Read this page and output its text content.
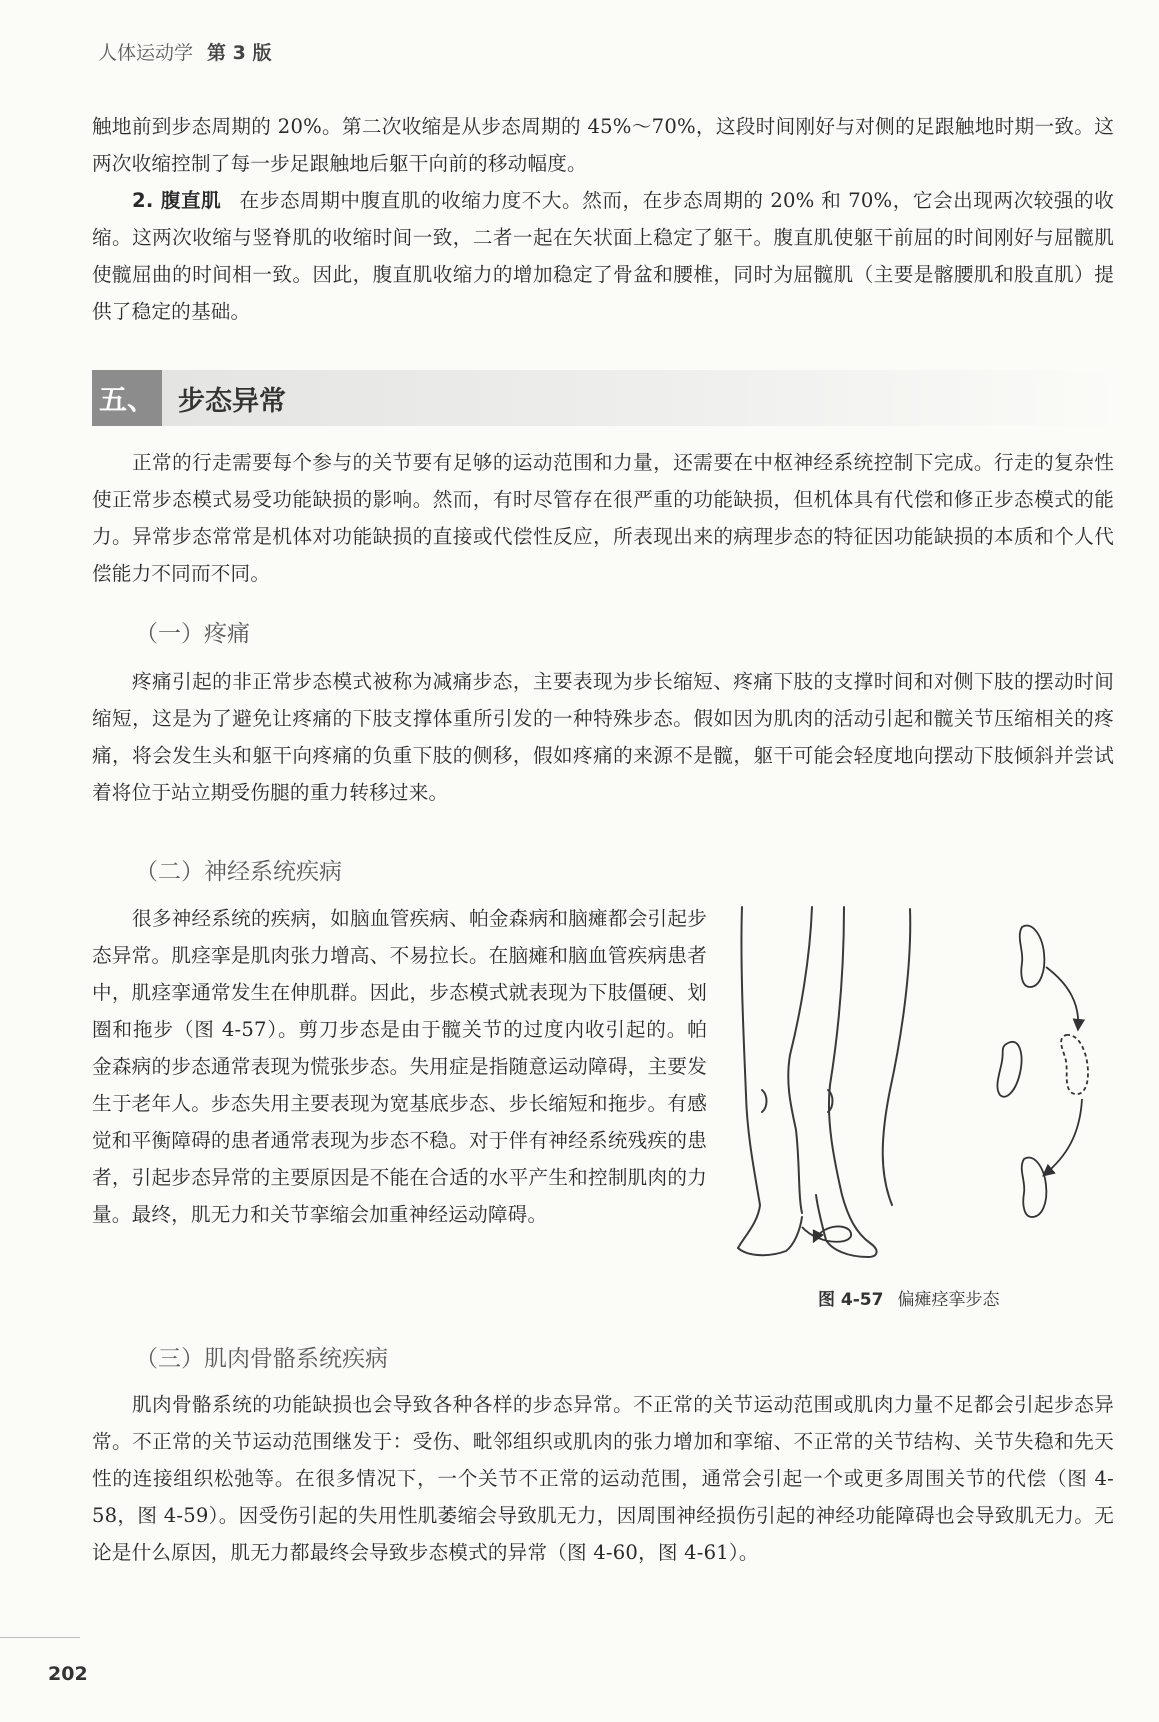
人体运动学 第 3 版
触地前到步态周期的 20%。第二次收缩是从步态周期的 45%～70%，这段时间刚好与对侧的足跟触地时期一致。这两次收缩控制了每一步足跟触地后躯干向前的移动幅度。
2. 腹直肌 在步态周期中腹直肌的收缩力度不大。然而，在步态周期的 20% 和 70%，它会出现两次较强的收缩。这两次收缩与竖脊肌的收缩时间一致，二者一起在矢状面上稳定了躯干。腹直肌使躯干前屈的时间刚好与屈髋肌使髋屈曲的时间相一致。因此，腹直肌收缩力的增加稳定了骨盆和腰椎，同时为屈髋肌（主要是髂腰肌和股直肌）提供了稳定的基础。
五、 步态异常
正常的行走需要每个参与的关节要有足够的运动范围和力量，还需要在中枢神经系统控制下完成。行走的复杂性使正常步态模式易受功能缺损的影响。然而，有时尽管存在很严重的功能缺损，但机体具有代偿和修正步态模式的能力。异常步态常常是机体对功能缺损的直接或代偿性反应，所表现出来的病理步态的特征因功能缺损的本质和个人代偿能力不同而不同。
（一）疼痛
疼痛引起的非正常步态模式被称为减痛步态，主要表现为步长缩短、疼痛下肢的支撑时间和对侧下肢的摆动时间缩短，这是为了避免让疼痛的下肢支撑体重所引发的一种特殊步态。假如因为肌肉的活动引起和髋关节压缩相关的疼痛，将会发生头和躯干向疼痛的负重下肢的侧移，假如疼痛的来源不是髋，躯干可能会轻度地向摆动下肢倾斜并尝试着将位于站立期受伤腿的重力转移过来。
（二）神经系统疾病
很多神经系统的疾病，如脑血管疾病、帕金森病和脑瘫都会引起步态异常。肌痉挛是肌肉张力增高、不易拉长。在脑瘫和脑血管疾病患者中，肌痉挛通常发生在伸肌群。因此，步态模式就表现为下肢僵硬、划圈和拖步（图 4-57）。剪刀步态是由于髋关节的过度内收引起的。帕金森病的步态通常表现为慌张步态。失用症是指随意运动障碍，主要发生于老年人。步态失用主要表现为宽基底步态、步长缩短和拖步。有感觉和平衡障碍的患者通常表现为步态不稳。对于伴有神经系统残疾的患者，引起步态异常的主要原因是不能在合适的水平产生和控制肌肉的力量。最终，肌无力和关节挛缩会加重神经运动障碍。
图 4-57 偏瘫痉挛步态
（三）肌肉骨骼系统疾病
肌肉骨骼系统的功能缺损也会导致各种各样的步态异常。不正常的关节运动范围或肌肉力量不足都会引起步态异常。不正常的关节运动范围继发于：受伤、毗邻组织或肌肉的张力增加和挛缩、不正常的关节结构、关节失稳和先天性的连接组织松弛等。在很多情况下，一个关节不正常的运动范围，通常会引起一个或更多周围关节的代偿（图 4-58，图 4-59）。因受伤引起的失用性肌萎缩会导致肌无力，因周围神经损伤引起的神经功能障碍也会导致肌无力。无论是什么原因，肌无力都最终会导致步态模式的异常（图 4-60，图 4-61）。
202
